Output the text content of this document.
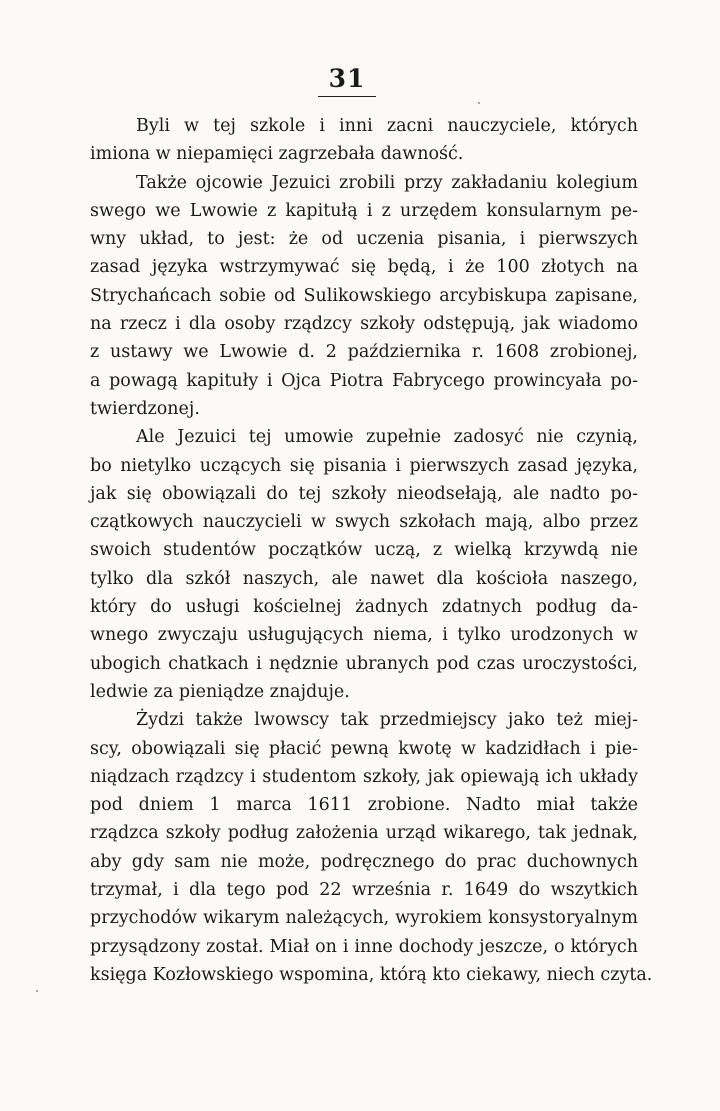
31
Byli w tej szkole i inni zacni nauczyciele, których
imiona w niepamięci zagrzebała dawność.
Także ojcowie Jezuici zrobili przy zakładaniu kolegium
swego we Lwowie z kapitułą i z urzędem konsularnym pe-
wny układ, to jest: że od uczenia pisania, i pierwszych
zasad języka wstrzymywać się będą, i że 100 złotych na
Strychańcach sobie od Sulikowskiego arcybiskupa zapisane,
na rzecz i dla osoby rządzcy szkoły odstępują, jak wiadomo
z ustawy we Lwowie d. 2 października r. 1608 zrobionej,
a powagą kapituły i Ojca Piotra Fabrycego prowincyała po-
twierdzonej.
Ale Jezuici tej umowie zupełnie zadosyć nie czynią,
bo nietylko uczących się pisania i pierwszych zasad języka,
jak się obowiązali do tej szkoły nieodsełają, ale nadto po-
czątkowych nauczycieli w swych szkołach mają, albo przez
swoich studentów początków uczą, z wielką krzywdą nie
tylko dla szkół naszych, ale nawet dla kościoła naszego,
który do usługi kościelnej żadnych zdatnych podług da-
wnego zwyczaju usługujących niema, i tylko urodzonych w
ubogich chatkach i nędznie ubranych pod czas uroczystości,
ledwie za pieniądze znajduje.
Żydzi także lwowscy tak przedmiejscy jako też miej-
scy, obowiązali się płacić pewną kwotę w kadzidłach i pie-
niądzach rządzcy i studentom szkoły, jak opiewają ich układy
pod dniem 1 marca 1611 zrobione. Nadto miał także
rządzca szkoły podług założenia urząd wikarego, tak jednak,
aby gdy sam nie może, podręcznego do prac duchownych
trzymał, i dla tego pod 22 września r. 1649 do wszytkich
przychodów wikarym należących, wyrokiem konsystoryalnym
przysądzony został. Miał on i inne dochody jeszcze, o których
księga Kozłowskiego wspomina, którą kto ciekawy, niech czyta.
